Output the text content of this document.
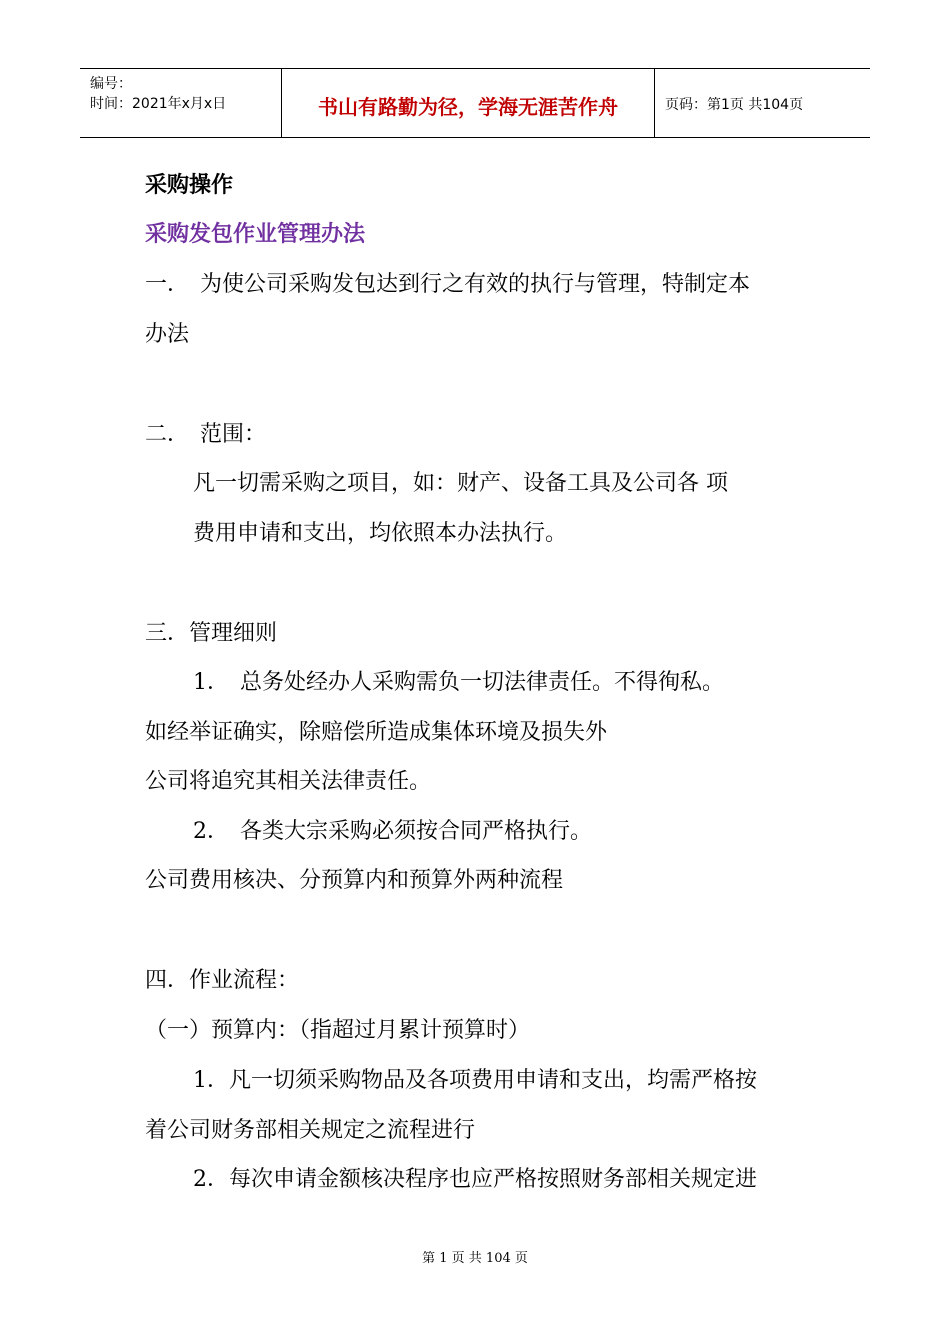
编号：
时间：2021年x月x日	书山有路勤为径，学海无涯苦作舟	页码：第1页 共104页
采购操作
采购发包作业管理办法
一．　为使公司采购发包达到行之有效的执行与管理，特制定本
办法
二．　范围：
凡一切需采购之项目，如：财产、设备工具及公司各 项
费用申请和支出，均依照本办法执行。
三．管理细则
1．　总务处经办人采购需负一切法律责任。不得徇私。
如经举证确实，除赔偿所造成集体环境及损失外
公司将追究其相关法律责任。
2．　各类大宗采购必须按合同严格执行。
公司费用核决、分预算内和预算外两种流程
四．作业流程：
（一）预算内：（指超过月累计预算时）
1．凡一切须采购物品及各项费用申请和支出，均需严格按
着公司财务部相关规定之流程进行
2．每次申请金额核决程序也应严格按照财务部相关规定进
第 1 页 共 104 页
